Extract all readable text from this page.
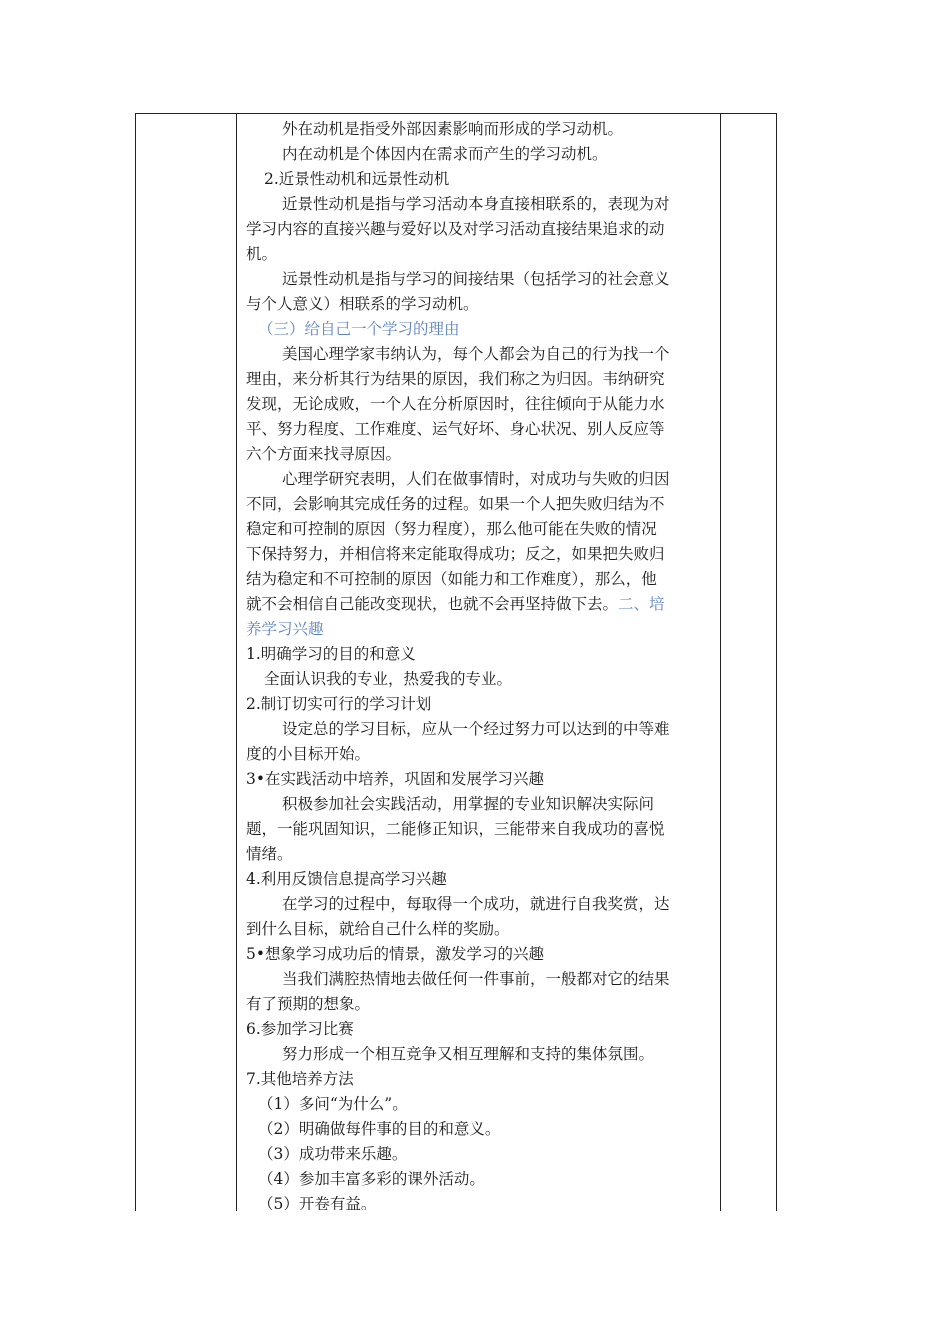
外在动机是指受外部因素影响而形成的学习动机。

内在动机是个体因内在需求而产生的学习动机。

2.近景性动机和远景性动机

近景性动机是指与学习活动本身直接相联系的，表现为对

学习内容的直接兴趣与爱好以及对学习活动直接结果追求的动

机。

远景性动机是指与学习的间接结果（包括学习的社会意义

与个人意义）相联系的学习动机。

（三）给自己一个学习的理由

美国心理学家韦纳认为，每个人都会为自己的行为找一个

理由，来分析其行为结果的原因，我们称之为归因。韦纳研究

发现，无论成败，一个人在分析原因时，往往倾向于从能力水

平、努力程度、工作难度、运气好坏、身心状况、别人反应等

六个方面来找寻原因。

心理学研究表明，人们在做事情时，对成功与失败的归因

不同，会影响其完成任务的过程。如果一个人把失败归结为不

稳定和可控制的原因（努力程度），那么他可能在失败的情况

下保持努力，并相信将来定能取得成功；反之，如果把失败归

结为稳定和不可控制的原因（如能力和工作难度），那么，他

就不会相信自己能改变现状，也就不会再坚持做下去。二、培

养学习兴趣

1.明确学习的目的和意义

全面认识我的专业，热爱我的专业。

2.制订切实可行的学习计划

设定总的学习目标，应从一个经过努力可以达到的中等难

度的小目标开始。

3•在实践活动中培养，巩固和发展学习兴趣

积极参加社会实践活动，用掌握的专业知识解决实际问

题，一能巩固知识，二能修正知识，三能带来自我成功的喜悦

情绪。

4.利用反馈信息提高学习兴趣

在学习的过程中，每取得一个成功，就进行自我奖赏，达

到什么目标，就给自己什么样的奖励。

5•想象学习成功后的情景，激发学习的兴趣

当我们满腔热情地去做任何一件事前，一般都对它的结果

有了预期的想象。

6.参加学习比赛

努力形成一个相互竞争又相互理解和支持的集体氛围。

7.其他培养方法

（1）多问“为什么”。

（2）明确做每件事的目的和意义。

（3）成功带来乐趣。

（4）参加丰富多彩的课外活动。

（5）开卷有益。
